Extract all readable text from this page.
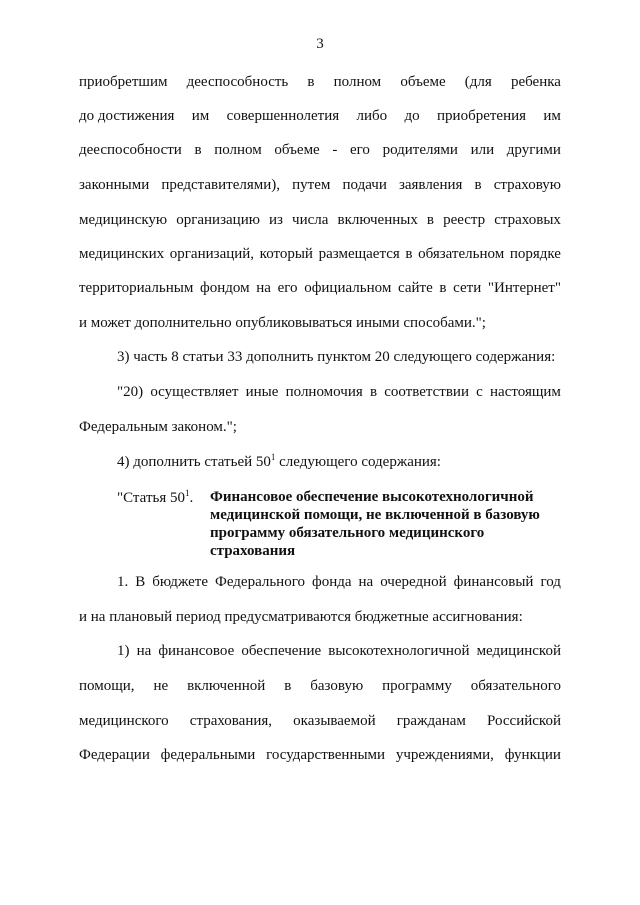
3
приобретшим дееспособность в полном объеме (для ребенка
до достижения им совершеннолетия либо до приобретения им
дееспособности в полном объеме - его родителями или другими
законными представителями), путем подачи заявления в страховую
медицинскую организацию из числа включенных в реестр страховых
медицинских организаций, который размещается в обязательном порядке
территориальным фондом на его официальном сайте в сети "Интернет"
и может дополнительно опубликовываться иными способами.";
3) часть 8 статьи 33 дополнить пунктом 20 следующего содержания:
"20) осуществляет иные полномочия в соответствии с настоящим
Федеральным законом.";
4) дополнить статьей $50^1$ следующего содержания:
"Статья $50^1$. Финансовое обеспечение высокотехнологичной
медицинской помощи, не включенной в базовую
программу обязательного медицинского
страхования
1. В бюджете Федерального фонда на очередной финансовый год
и на плановый период предусматриваются бюджетные ассигнования:
1) на финансовое обеспечение высокотехнологичной медицинской
помощи, не включенной в базовую программу обязательного
медицинского страхования, оказываемой гражданам Российской
Федерации федеральными государственными учреждениями, функции
